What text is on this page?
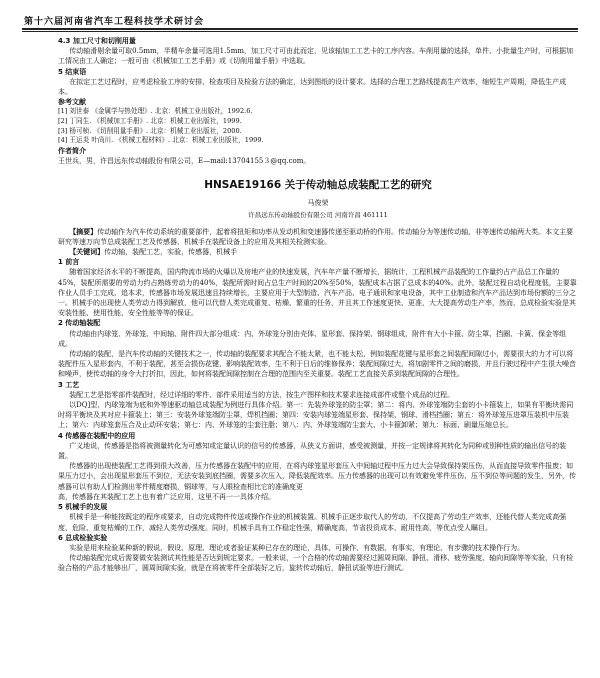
第十六届河南省汽车工程科技学术研讨会

4.3 加工尺寸和切削用量

传动轴滑剔余量可取0.5mm，半精车余量可选用1.5mm，加工尺寸可由此而定，见该轴加工工艺卡的工序内容。车削用量的选择，单件、小批量生产时，可根据加工情况由工人确定；一般可由《机械加工工艺手册》或《切削用量手册》中选取。

5 结束语

在拟定工艺过程时，应考虑检验工序的安排、检查项目及检验方法的确定，达到图纸的设计要求。选择的合理工艺路线提高生产效率，缩短生产周期，降低生产成本。

参考文献

[1] 刘世泰 《金属学与热处理》. 北京：机械工业出版社，1992.6.

[2] 丁同生. 《机械加工手册》. 北京：机械工业出版社，1999.

[3] 杨可桢. 《切削用量手册》. 北京：机械工业出版社，2000.

[4] 王运炎 叶尚川. 《机械工程材料》. 北京：机械工业出版社，1999.

作者简介

王世兵，男，许昌远东传动轴股份有限公司，E—mail:13704155３@qq.com。

HNSAE19166 关于传动轴总成装配工艺的研究
马俊荣
许昌远东传动轴股份有限公司 河南许昌 461111

【摘要】传动轴作为汽车传动系统的重要部件，起着将扭矩和功率从发动机和变速器传递至驱动桥的作用。传动轴分为等速传动轴、非等速传动轴两大类。本文主要研究等速万向节总成装配工艺及传感器、机械手在装配设备上的应用及其相关检测实验。

【关键词】传动轴，装配工艺，实验，传感器，机械手

1 前言

随着国家经济水平的不断提高，国内物流市场的火爆以及房地产业的快速发展，汽车年产量不断增长，据统计，工程机械产品装配的工作量约占产品总工作量的45%，装配所需要的劳动力约占熟练劳动力的40%，装配所需时间占总生产时间的20%至50%，装配成本占据了总成本的40%。此外，装配过程自动化程度低，主要靠作业人员手工完成，追本求，传感器市场发展迅速且持续增长，主要应用于大型制造、汽车产品、电子通讯和家电设备，其中工业制造和汽车产品达到市场份额的三分之一。机械手的出现使人类劳动力得到解放，他可以代替人类完成重复、枯燥、繁重的任务，并且其工作速度更快、更准，大大提高劳动生产率，然而，总成检验实验是其安装性能、使用性能、安全性能等等的保证。

2 传动轴装配

传动轴由内球笼、外球笼、中间轴、附件四大部分组成：内、外球笼分别由壳体、星形套、保持架、钢球组成，附件有大小卡箍、防尘罩、挡圈、卡簧、保金等组成。

传动轴的装配，是汽车传动轴的关键技术之一，传动轴的装配要求其配合不能太紧，也不能太松，例如装配花键与星形套之间装配间隙过小，需要很大的力才可以将装配件压入星形套内，不利于装配，甚至会损伤花键，影响装配效率，生不利于日后的维修保养；装配间隙过大，将加剧零件之间的磨损，并且行驶过程中产生很大噪音和噪声，使传动轴的身令大打折扣，因此，如何将装配间隙控制在合理的范围内至关重要。装配工艺直接关系到装配间隙的合理性。

3 工艺

装配工艺是指零部件装配时，经过详细的零件、部件采用适当的方法，按生产图样和技术要求连接成部件或整个成品的过程。

以DQ]型、内球笼端为底和外等速驱动轴总成装配为例进行具体介绍。第一：先装外球笼的防尘罩；第二：将内、外球笼端防尘套的小卡箍装上，如果有平衡块需同时将平衡块及其对应卡箍装上；第三：安装外球笼端防尘罩，焊机挡圈；第四：安装内球笼端星形套、保持架、钢球、滑档挡圈；第五：将外球笼压进罩压装机中压装上；第六：内球笼套压合及止动环安装；第七：内、外球笼的尘套注脂；第八：内、外球笼端防尘套大、小卡箍卸紧；第九：标面、刷量压缩总长。

4 传感器在装配中的应用

广义地说，传感器是指将被测量转化为可感知或定量认识的信号的传感器，从狭义方面讲，感受被测量，并按一定规律将其转化为同种或别种性质的输出信号的装置。

传感器的出现使装配工艺得到很大改善，压力传感器在装配中的应用，在将内球笼星形套压入中间轴过程中压力过大会导致保持架压伤，从而直接导致零件报废；如果压力过小，会出现星形套压不到位，无法安装到底挡圈，需要多次压入，降低装配效率。压力传感器的出现可以有效避免零件压伤、压不到位等问题的发生，另外，传感器可以有助人们检测出零件精度磨损，铜球等，与人眼检查相比它的准确度更

高，传感器在其装配工艺上也有着广泛应用，这里不再一一具体介绍。

5 机械手的发展

机械手是一种能按既定的程序或要求，自动完成物件传送或操作作业的机械装置。机械手正逐步取代人的劳动，不仅提高了劳动生产效率，还能代替人类完成高强度、危险、重复枯燥的工作，减轻人类劳动强度。同时，机械手具有工作稳定性强，精确度高，节省投资成本，耐用性高，等优点受人瞩目。

6 总成检验实验

实验是用来检验某种新的假说、假设、原理、理论或者验证某种已存在的理论，具体、可操作、有数据、有事实，有理论、有步骤的技术操作行为。

传动轴装配完成后需要做安装测试其性能是否达到规定要求。一般来说，一个合格的传动轴需要经过圆周间隙、静扭、滑移、疲劳强度、轴向间隙等等实验，只有检验合格的产品才能够出厂，圆周间隙实验，就是在将被零件全部装好之后，旋转传动轴后，静扭试验等进行测试。
